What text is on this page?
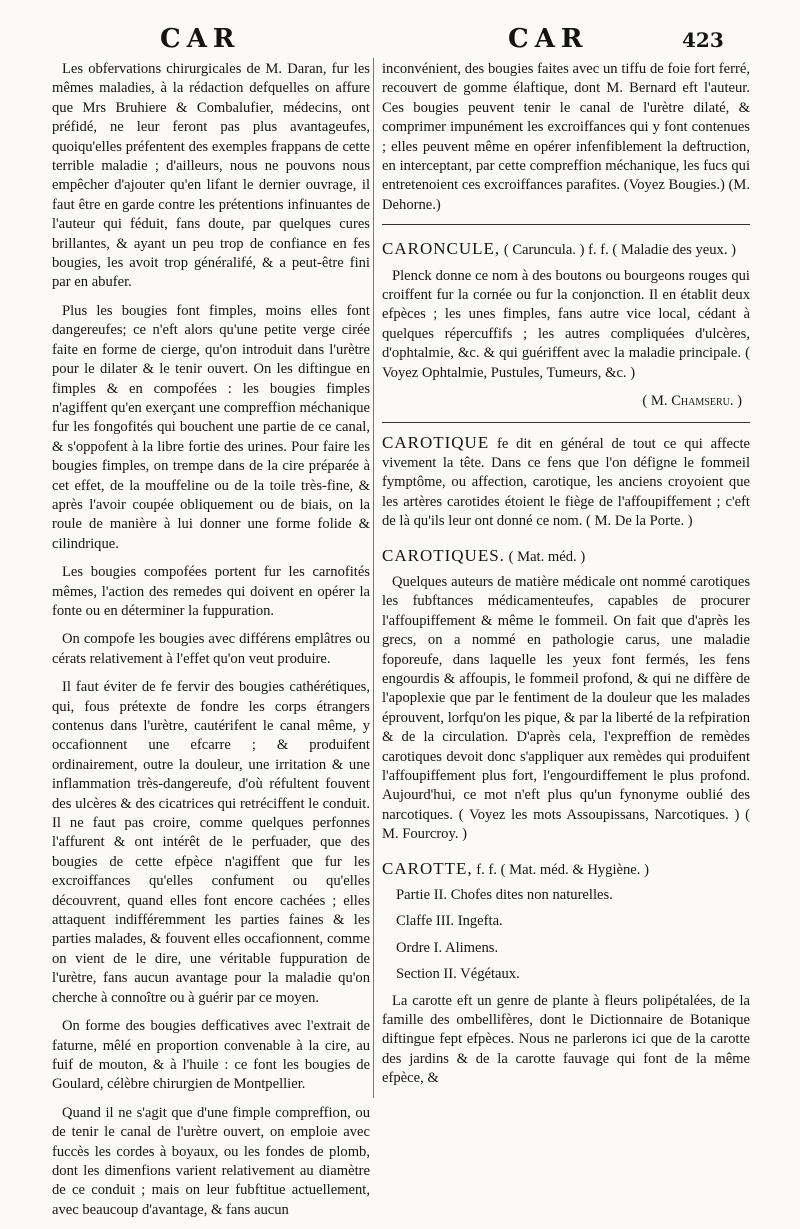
CAR	CAR	423

Les obfervations chirurgicales de M. Daran, fur les mêmes maladies, à la rédaction defquelles on affure que Mrs Bruhiere & Combalufier, médecins, ont préfidé, ne leur feront pas plus avantageufes, quoiqu'elles préfentent des exemples frappans de cette terrible maladie ; d'ailleurs, nous ne pouvons nous empêcher d'ajouter qu'en lifant le dernier ouvrage, il faut être en garde contre les prétentions infinuantes de l'auteur qui féduit, fans doute, par quelques cures brillantes, & ayant un peu trop de confiance en fes bougies, les avoit trop généralifé, & a peut-être fini par en abufer.

Plus les bougies font fimples, moins elles font dangereufes; ce n'eft alors qu'une petite verge cirée faite en forme de cierge, qu'on introduit dans l'urètre pour le dilater & le tenir ouvert. On les diftingue en fimples & en compofées : les bougies fimples n'agiffent qu'en exerçant une compreffion méchanique fur les fongofités qui bouchent une partie de ce canal, & s'oppofent à la libre fortie des urines. Pour faire les bougies fimples, on trempe dans de la cire préparée à cet effet, de la mouffeline ou de la toile très-fine, & après l'avoir coupée obliquement ou de biais, on la roule de manière à lui donner une forme folide & cilindrique.

Les bougies compofées portent fur les carnofités mêmes, l'action des remedes qui doivent en opérer la fonte ou en déterminer la fuppuration.

On compofe les bougies avec différens emplâtres ou cérats relativement à l'effet qu'on veut produire.

Il faut éviter de fe fervir des bougies cathérétiques, qui, fous prétexte de fondre les corps étrangers contenus dans l'urètre, cautérifent le canal même, y occafionnent une efcarre ; & produifent ordinairement, outre la douleur, une irritation & une inflammation très-dangereufe, d'où réfultent fouvent des ulcères & des cicatrices qui retréciffent le conduit. Il ne faut pas croire, comme quelques perfonnes l'affurent & ont intérêt de le perfuader, que des bougies de cette efpèce n'agiffent que fur les excroiffances qu'elles confument ou qu'elles découvrent, quand elles font encore cachées ; elles attaquent indifféremment les parties faines & les parties malades, & fouvent elles occafionnent, comme on vient de le dire, une véritable fuppuration de l'urètre, fans aucun avantage pour la maladie qu'on cherche à connoître ou à guérir par ce moyen.

On forme des bougies defficatives avec l'extrait de faturne, mêlé en proportion convenable à la cire, au fuif de mouton, & à l'huile : ce font les bougies de Goulard, célèbre chirurgien de Montpellier.

Quand il ne s'agit que d'une fimple compreffion, ou de tenir le canal de l'urètre ouvert, on emploie avec fuccès les cordes à boyaux, ou les fondes de plomb, dont les dimenfions varient relativement au diamètre de ce conduit ; mais on leur fubftitue actuellement, avec beaucoup d'avantage, & fans aucun

inconvénient, des bougies faites avec un tiffu de foie fort ferré, recouvert de gomme élaftique, dont M. Bernard eft l'auteur. Ces bougies peuvent tenir le canal de l'urètre dilaté, & comprimer impunément les excroiffances qui y font contenues ; elles peuvent même en opérer infenfiblement la deftruction, en interceptant, par cette compreffion méchanique, les fucs qui entretenoient ces excroiffances parafites. (Voyez Bougies.) (M. Dehorne.)

CARONCULE, ( Caruncula. ) f. f. ( Maladie des yeux. )

Plenck donne ce nom à des boutons ou bourgeons rouges qui croiffent fur la cornée ou fur la conjonction. Il en établit deux efpèces ; les unes fimples, fans autre vice local, cédant à quelques répercuffifs ; les autres compliquées d'ulcères, d'ophtalmie, &c. & qui guériffent avec la maladie principale. ( Voyez Ophtalmie, Pustules, Tumeurs, &c. )

( M. Chamseru. )

CAROTIQUE fe dit en général de tout ce qui affecte vivement la tête. Dans ce fens que l'on défigne le fommeil fymptôme, ou affection, carotique, les anciens croyoient que les artères carotides étoient le fiège de l'affoupiffement ; c'eft de là qu'ils leur ont donné ce nom. ( M. De la Porte. )

CAROTIQUES. ( Mat. méd. )

Quelques auteurs de matière médicale ont nommé carotiques les fubftances médicamenteufes, capables de procurer l'affoupiffement & même le fommeil. On fait que d'après les grecs, on a nommé en pathologie carus, une maladie foporeufe, dans laquelle les yeux font fermés, les fens engourdis & affoupis, le fommeil profond, & qui ne diffère de l'apoplexie que par le fentiment de la douleur que les malades éprouvent, lorfqu'on les pique, & par la liberté de la refpiration & de la circulation. D'après cela, l'expreffion de remèdes carotiques devoit donc s'appliquer aux remèdes qui produifent l'affoupiffement plus fort, l'engourdiffement le plus profond. Aujourd'hui, ce mot n'eft plus qu'un fynonyme oublié des narcotiques. ( Voyez les mots Assoupissans, Narcotiques. ) ( M. Fourcroy. )

CAROTTE, f. f. ( Mat. méd. & Hygiène. )

Partie II. Chofes dites non naturelles.

Claffe III. Ingefta.

Ordre I. Alimens.

Section II. Végétaux.

La carotte eft un genre de plante à fleurs polipétalées, de la famille des ombellifères, dont le Dictionnaire de Botanique diftingue fept efpèces. Nous ne parlerons ici que de la carotte des jardins & de la carotte fauvage qui font de la même efpèce, &
